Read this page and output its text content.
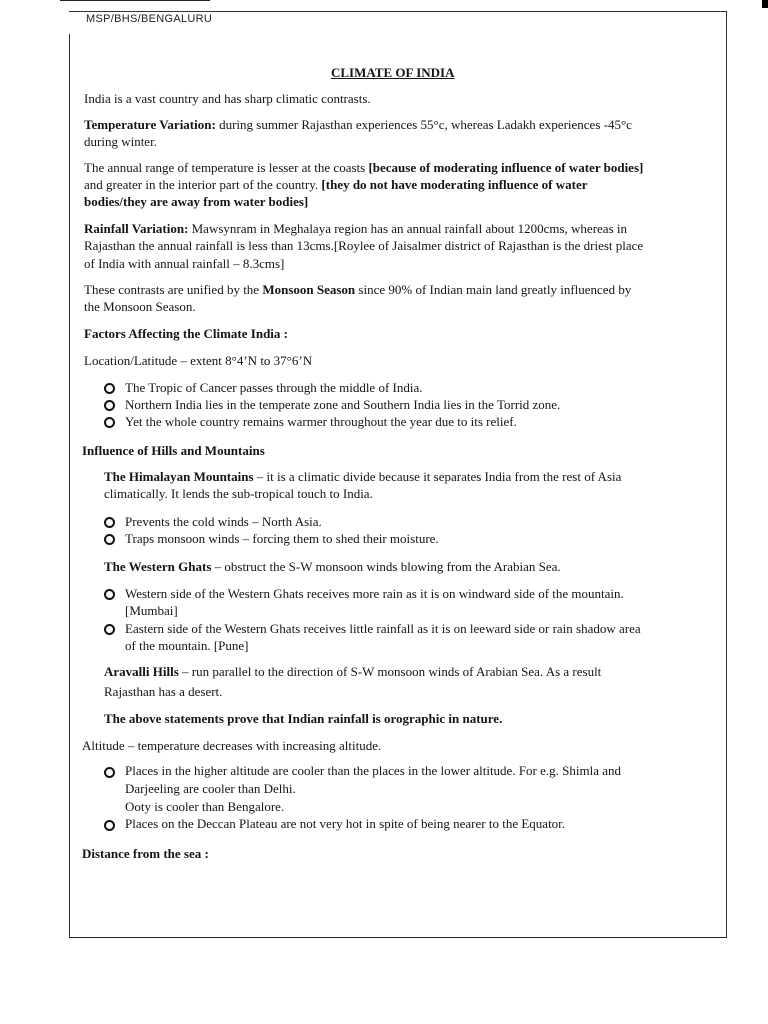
MSP/BHS/BENGALURU
CLIMATE OF INDIA
India is a vast country and has sharp climatic contrasts.
Temperature Variation: during summer Rajasthan experiences 55°c, whereas Ladakh experiences -45°c
during winter.
The annual range of temperature is lesser at the coasts [because of moderating influence of water bodies]
and greater in the interior part of the country. [they do not have moderating influence of water
bodies/they are away from water bodies]
Rainfall Variation: Mawsynram in Meghalaya region has an annual rainfall about 1200cms, whereas in
Rajasthan the annual rainfall is less than 13cms.[Roylee of Jaisalmer district of Rajasthan is the driest place
of India with annual rainfall – 8.3cms]
These contrasts are unified by the Monsoon Season since 90% of Indian main land greatly influenced by
the Monsoon Season.
Factors Affecting the Climate India :
Location/Latitude – extent 8°4’N to 37°6’N
The Tropic of Cancer passes through the middle of India.
Northern India lies in the temperate zone and Southern India lies in the Torrid zone.
Yet the whole country remains warmer throughout the year due to its relief.
Influence of Hills and Mountains
The Himalayan Mountains – it is a climatic divide because it separates India from the rest of Asia
climatically. It lends the sub-tropical touch to India.
Prevents the cold winds – North Asia.
Traps monsoon winds – forcing them to shed their moisture.
The Western Ghats – obstruct the S-W monsoon winds blowing from the Arabian Sea.
Western side of the Western Ghats receives more rain as it is on windward side of the mountain.
[Mumbai]
Eastern side of the Western Ghats receives little rainfall as it is on leeward side or rain shadow area
of the mountain. [Pune]
Aravalli Hills – run parallel to the direction of S-W monsoon winds of Arabian Sea. As a result
Rajasthan has a desert.
The above statements prove that Indian rainfall is orographic in nature.
Altitude – temperature decreases with increasing altitude.
Places in the higher altitude are cooler than the places in the lower altitude. For e.g. Shimla and
Darjeeling are cooler than Delhi.
Ooty is cooler than Bengalore.
Places on the Deccan Plateau are not very hot in spite of being nearer to the Equator.
Distance from the sea :
